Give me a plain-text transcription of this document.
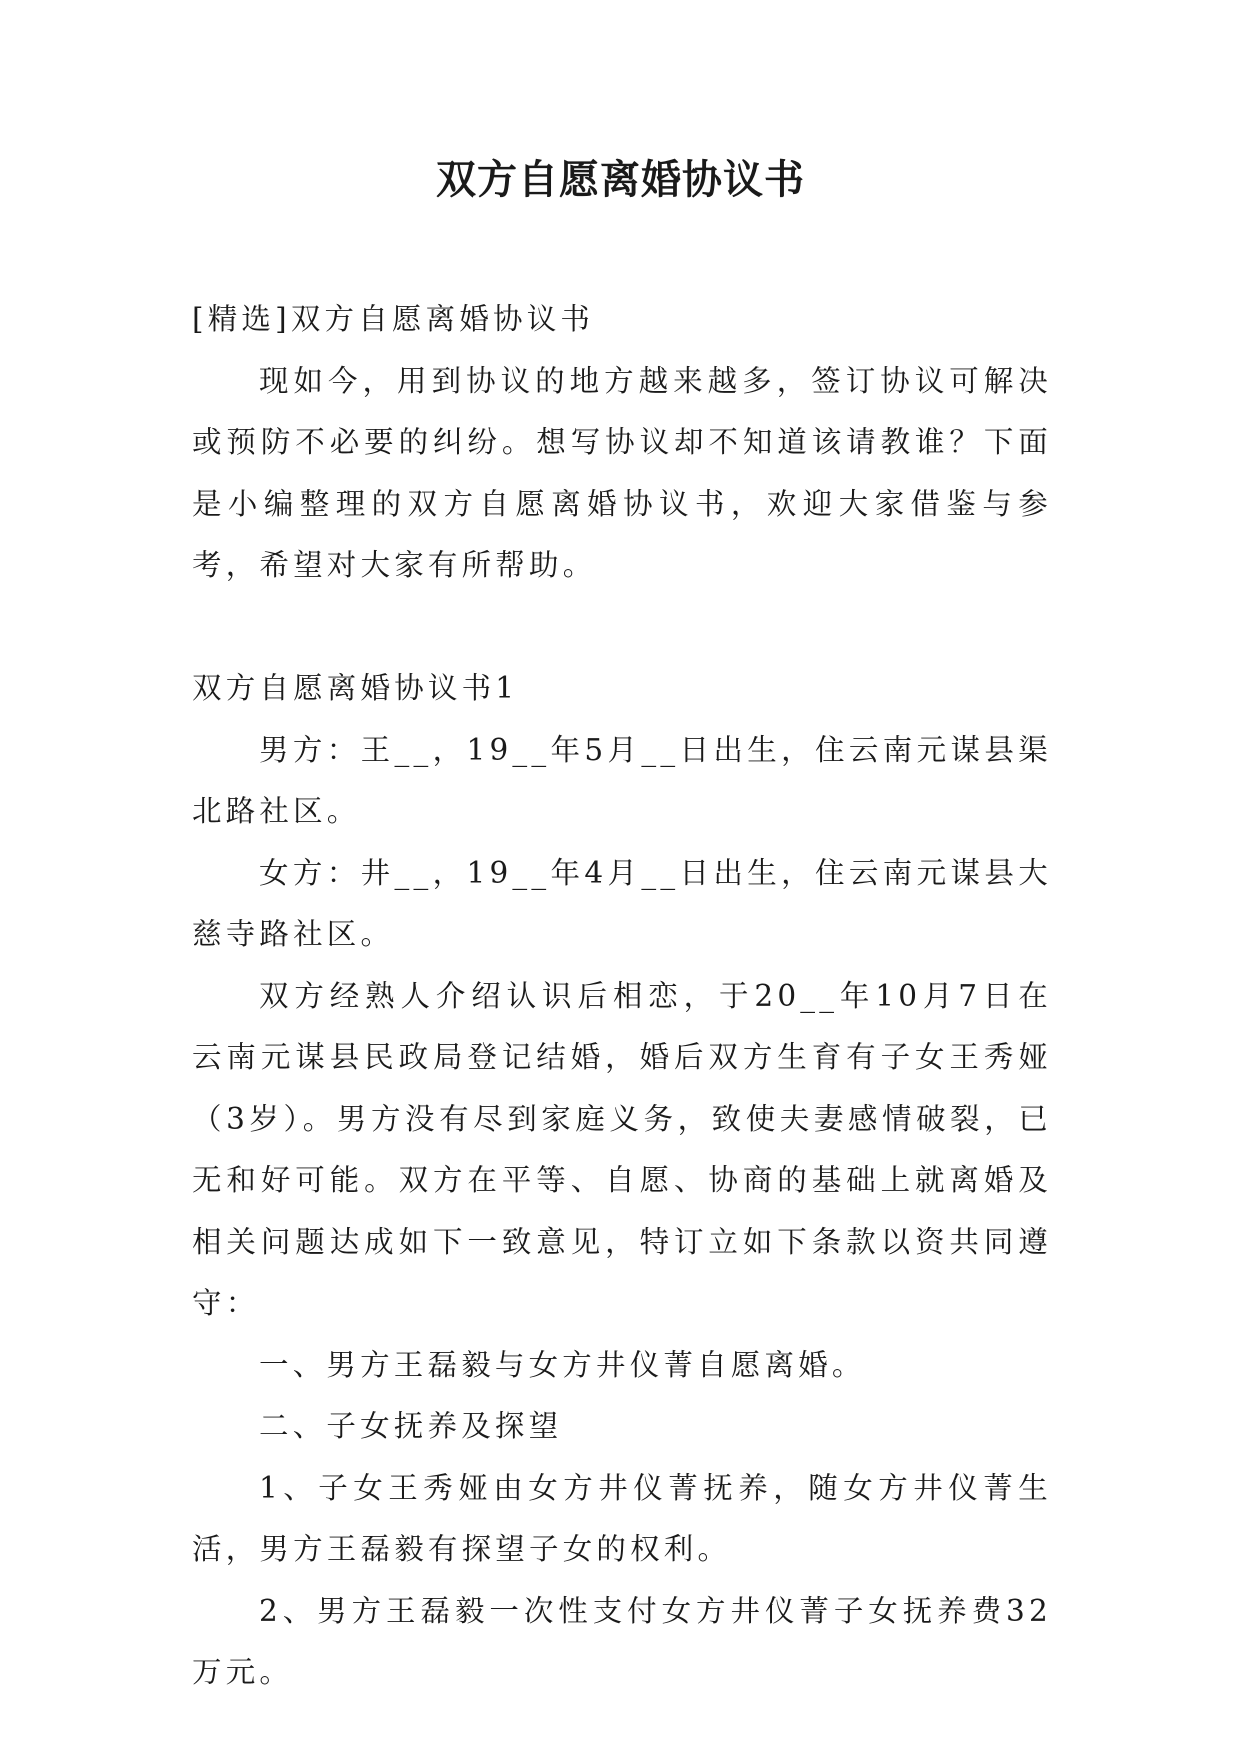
双方自愿离婚协议书

[精选]双方自愿离婚协议书

现如今，用到协议的地方越来越多，签订协议可解决或预防不必要的纠纷。想写协议却不知道该请教谁？下面是小编整理的双方自愿离婚协议书，欢迎大家借鉴与参考，希望对大家有所帮助。

双方自愿离婚协议书1

男方：王__，19__年5月__日出生，住云南元谋县渠北路社区。

女方：井__，19__年4月__日出生，住云南元谋县大慈寺路社区。

双方经熟人介绍认识后相恋，于20__年10月7日在云南元谋县民政局登记结婚，婚后双方生育有子女王秀娅（3岁）。男方没有尽到家庭义务，致使夫妻感情破裂，已无和好可能。双方在平等、自愿、协商的基础上就离婚及相关问题达成如下一致意见，特订立如下条款以资共同遵守：

一、男方王磊毅与女方井仪菁自愿离婚。

二、子女抚养及探望

1、子女王秀娅由女方井仪菁抚养，随女方井仪菁生活，男方王磊毅有探望子女的权利。

2、男方王磊毅一次性支付女方井仪菁子女抚养费32万元。
